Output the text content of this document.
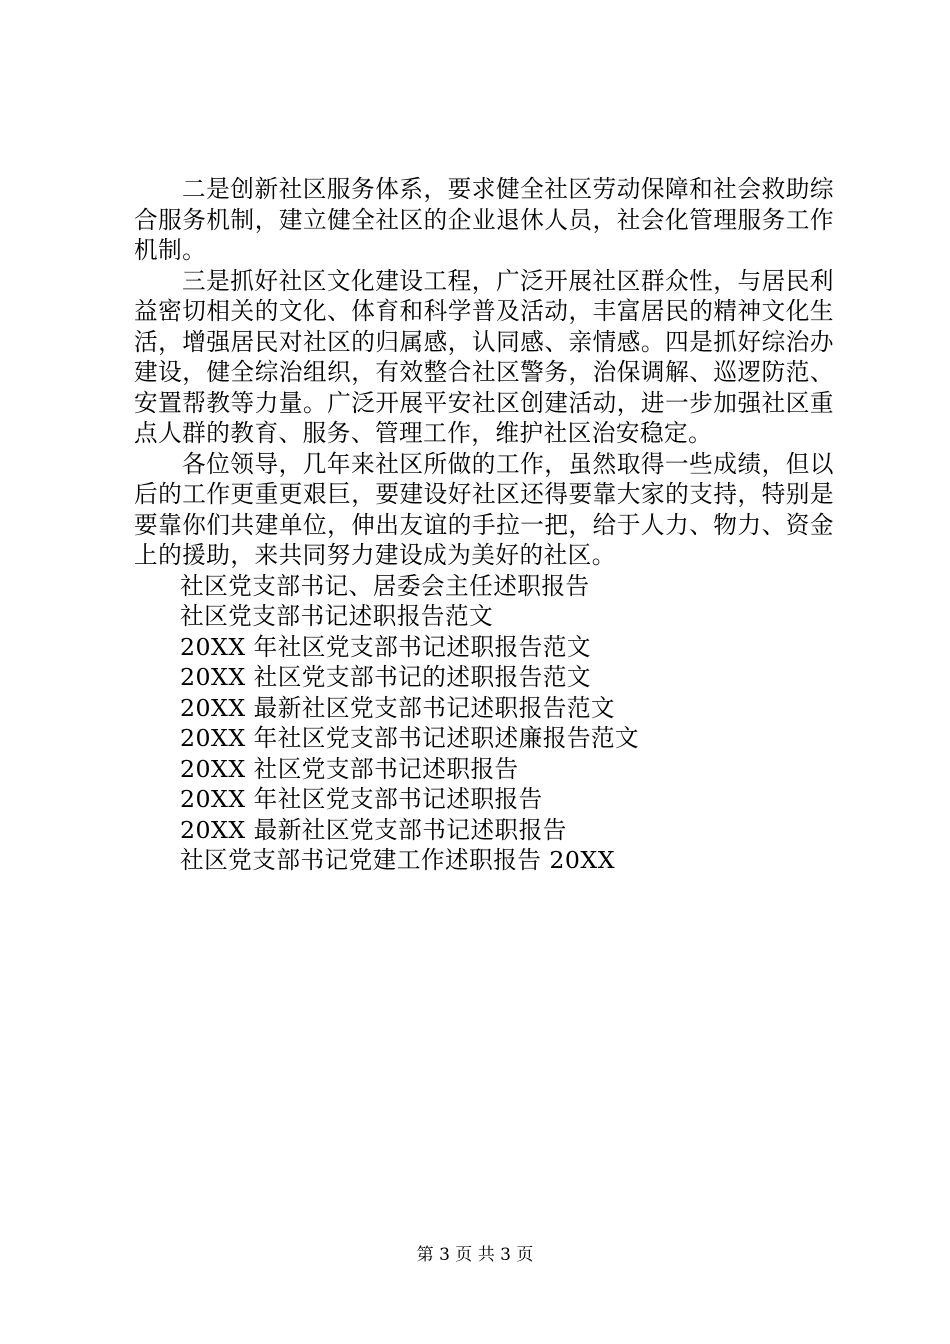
二是创新社区服务体系，要求健全社区劳动保障和社会救助综合服务机制，建立健全社区的企业退休人员，社会化管理服务工作机制。

三是抓好社区文化建设工程，广泛开展社区群众性，与居民利益密切相关的文化、体育和科学普及活动，丰富居民的精神文化生活，增强居民对社区的归属感，认同感、亲情感。四是抓好综治办建设，健全综治组织，有效整合社区警务，治保调解、巡逻防范、安置帮教等力量。广泛开展平安社区创建活动，进一步加强社区重点人群的教育、服务、管理工作，维护社区治安稳定。

各位领导，几年来社区所做的工作，虽然取得一些成绩，但以后的工作更重更艰巨，要建设好社区还得要靠大家的支持，特别是要靠你们共建单位，伸出友谊的手拉一把，给于人力、物力、资金上的援助，来共同努力建设成为美好的社区。

社区党支部书记、居委会主任述职报告
社区党支部书记述职报告范文
20XX 年社区党支部书记述职报告范文
20XX 社区党支部书记的述职报告范文
20XX 最新社区党支部书记述职报告范文
20XX 年社区党支部书记述职述廉报告范文
20XX 社区党支部书记述职报告
20XX 年社区党支部书记述职报告
20XX 最新社区党支部书记述职报告
社区党支部书记党建工作述职报告 20XX
第 3 页 共 3 页
